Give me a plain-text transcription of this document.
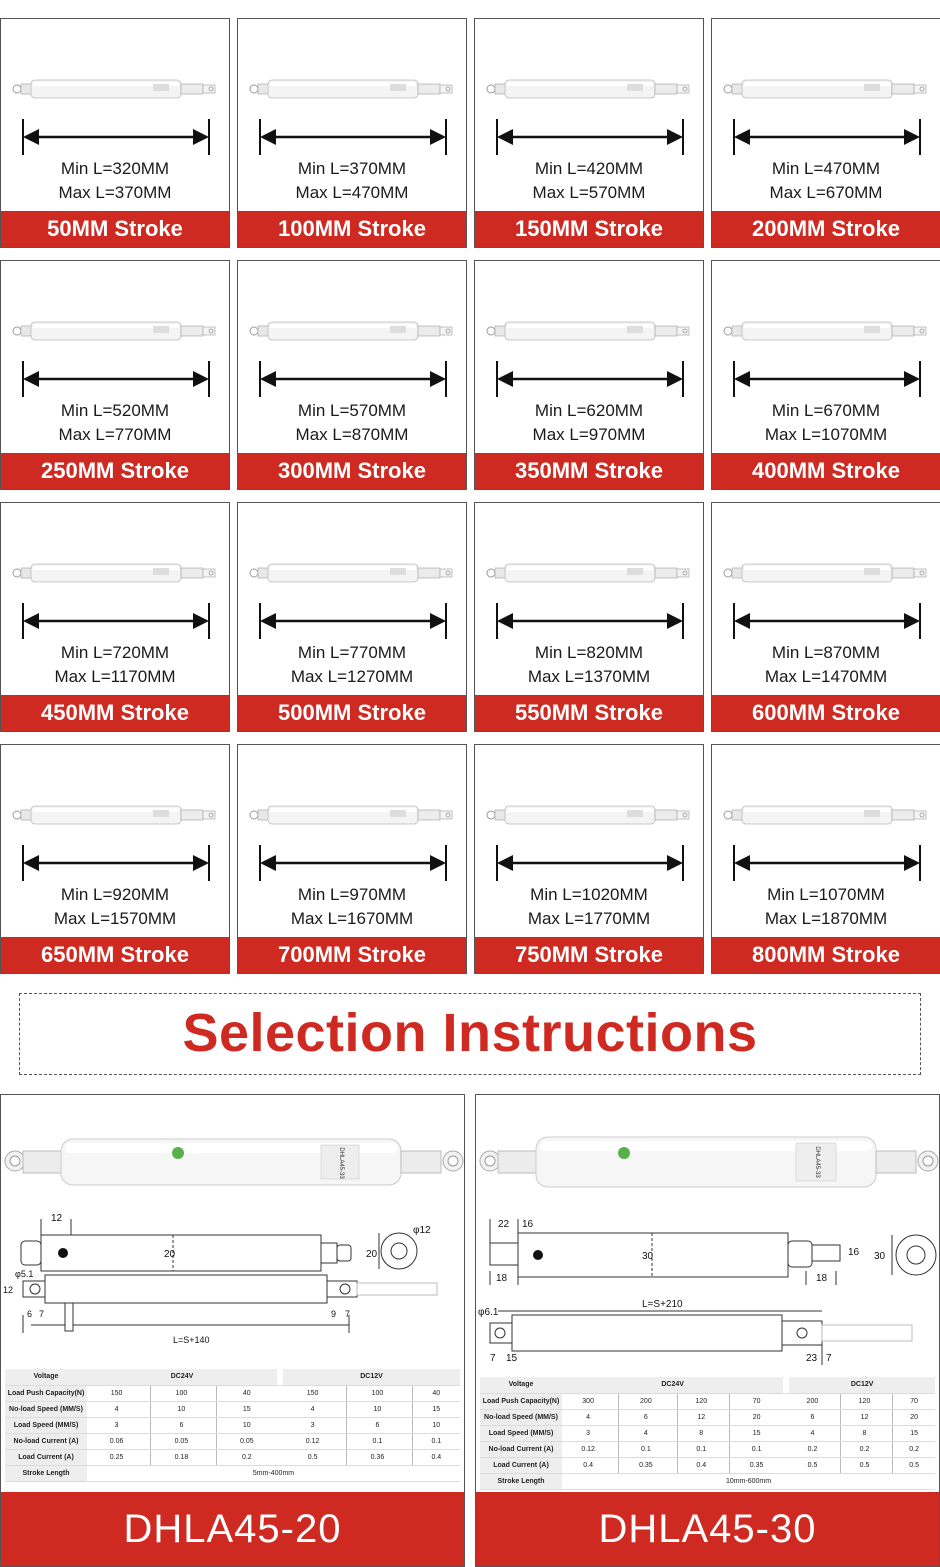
Min L=320MM
Max L=370MM
50MM Stroke
Min L=370MM
Max L=470MM
100MM Stroke
Min L=420MM
Max L=570MM
150MM Stroke
Min L=470MM
Max L=670MM
200MM Stroke
Min L=520MM
Max L=770MM
250MM Stroke
Min L=570MM
Max L=870MM
300MM Stroke
Min L=620MM
Max L=970MM
350MM Stroke
Min L=670MM
Max L=1070MM
400MM Stroke
Min L=720MM
Max L=1170MM
450MM Stroke
Min L=770MM
Max L=1270MM
500MM Stroke
Min L=820MM
Max L=1370MM
550MM Stroke
Min L=870MM
Max L=1470MM
600MM Stroke
Min L=920MM
Max L=1570MM
650MM Stroke
Min L=970MM
Max L=1670MM
700MM Stroke
Min L=1020MM
Max L=1770MM
750MM Stroke
Min L=1070MM
Max L=1870MM
800MM Stroke
Selection Instructions
DHLA45-33
12
20	20
φ12
φ5.1
12
6 7	9 7
L=S+140
Voltage	DC24V						DC12V				
Load Push Capacity(N)	150		100		40		150		100		40
No-load Speed (MM/S)	4		10		15		4		10		15
Load Speed (MM/S)	3		6		10		3		6		10
No-load Current (A)	0.06		0.05		0.05		0.12		0.1		0.1
Load Current (A)	0.25		0.18		0.2		0.5		0.36		0.4
Stroke Length	5mm-400mm										
DHLA45-20
DHLA45-33
22 16
30	30
16
18	18
L=S+210
φ6.1
7 15	23 7
Voltage	DC24V								DC12V				
Load Push Capacity(N)	300		200		120		70		200		120		70
No-load Speed (MM/S)	4		6		12		20		6		12		20
Load Speed (MM/S)	3		4		8		15		4		8		15
No-load Current (A)	0.12		0.1		0.1		0.1		0.2		0.2		0.2
Load Current (A)	0.4		0.35		0.4		0.35		0.5		0.5		0.5
Stroke Length	10mm-600mm												
DHLA45-30
